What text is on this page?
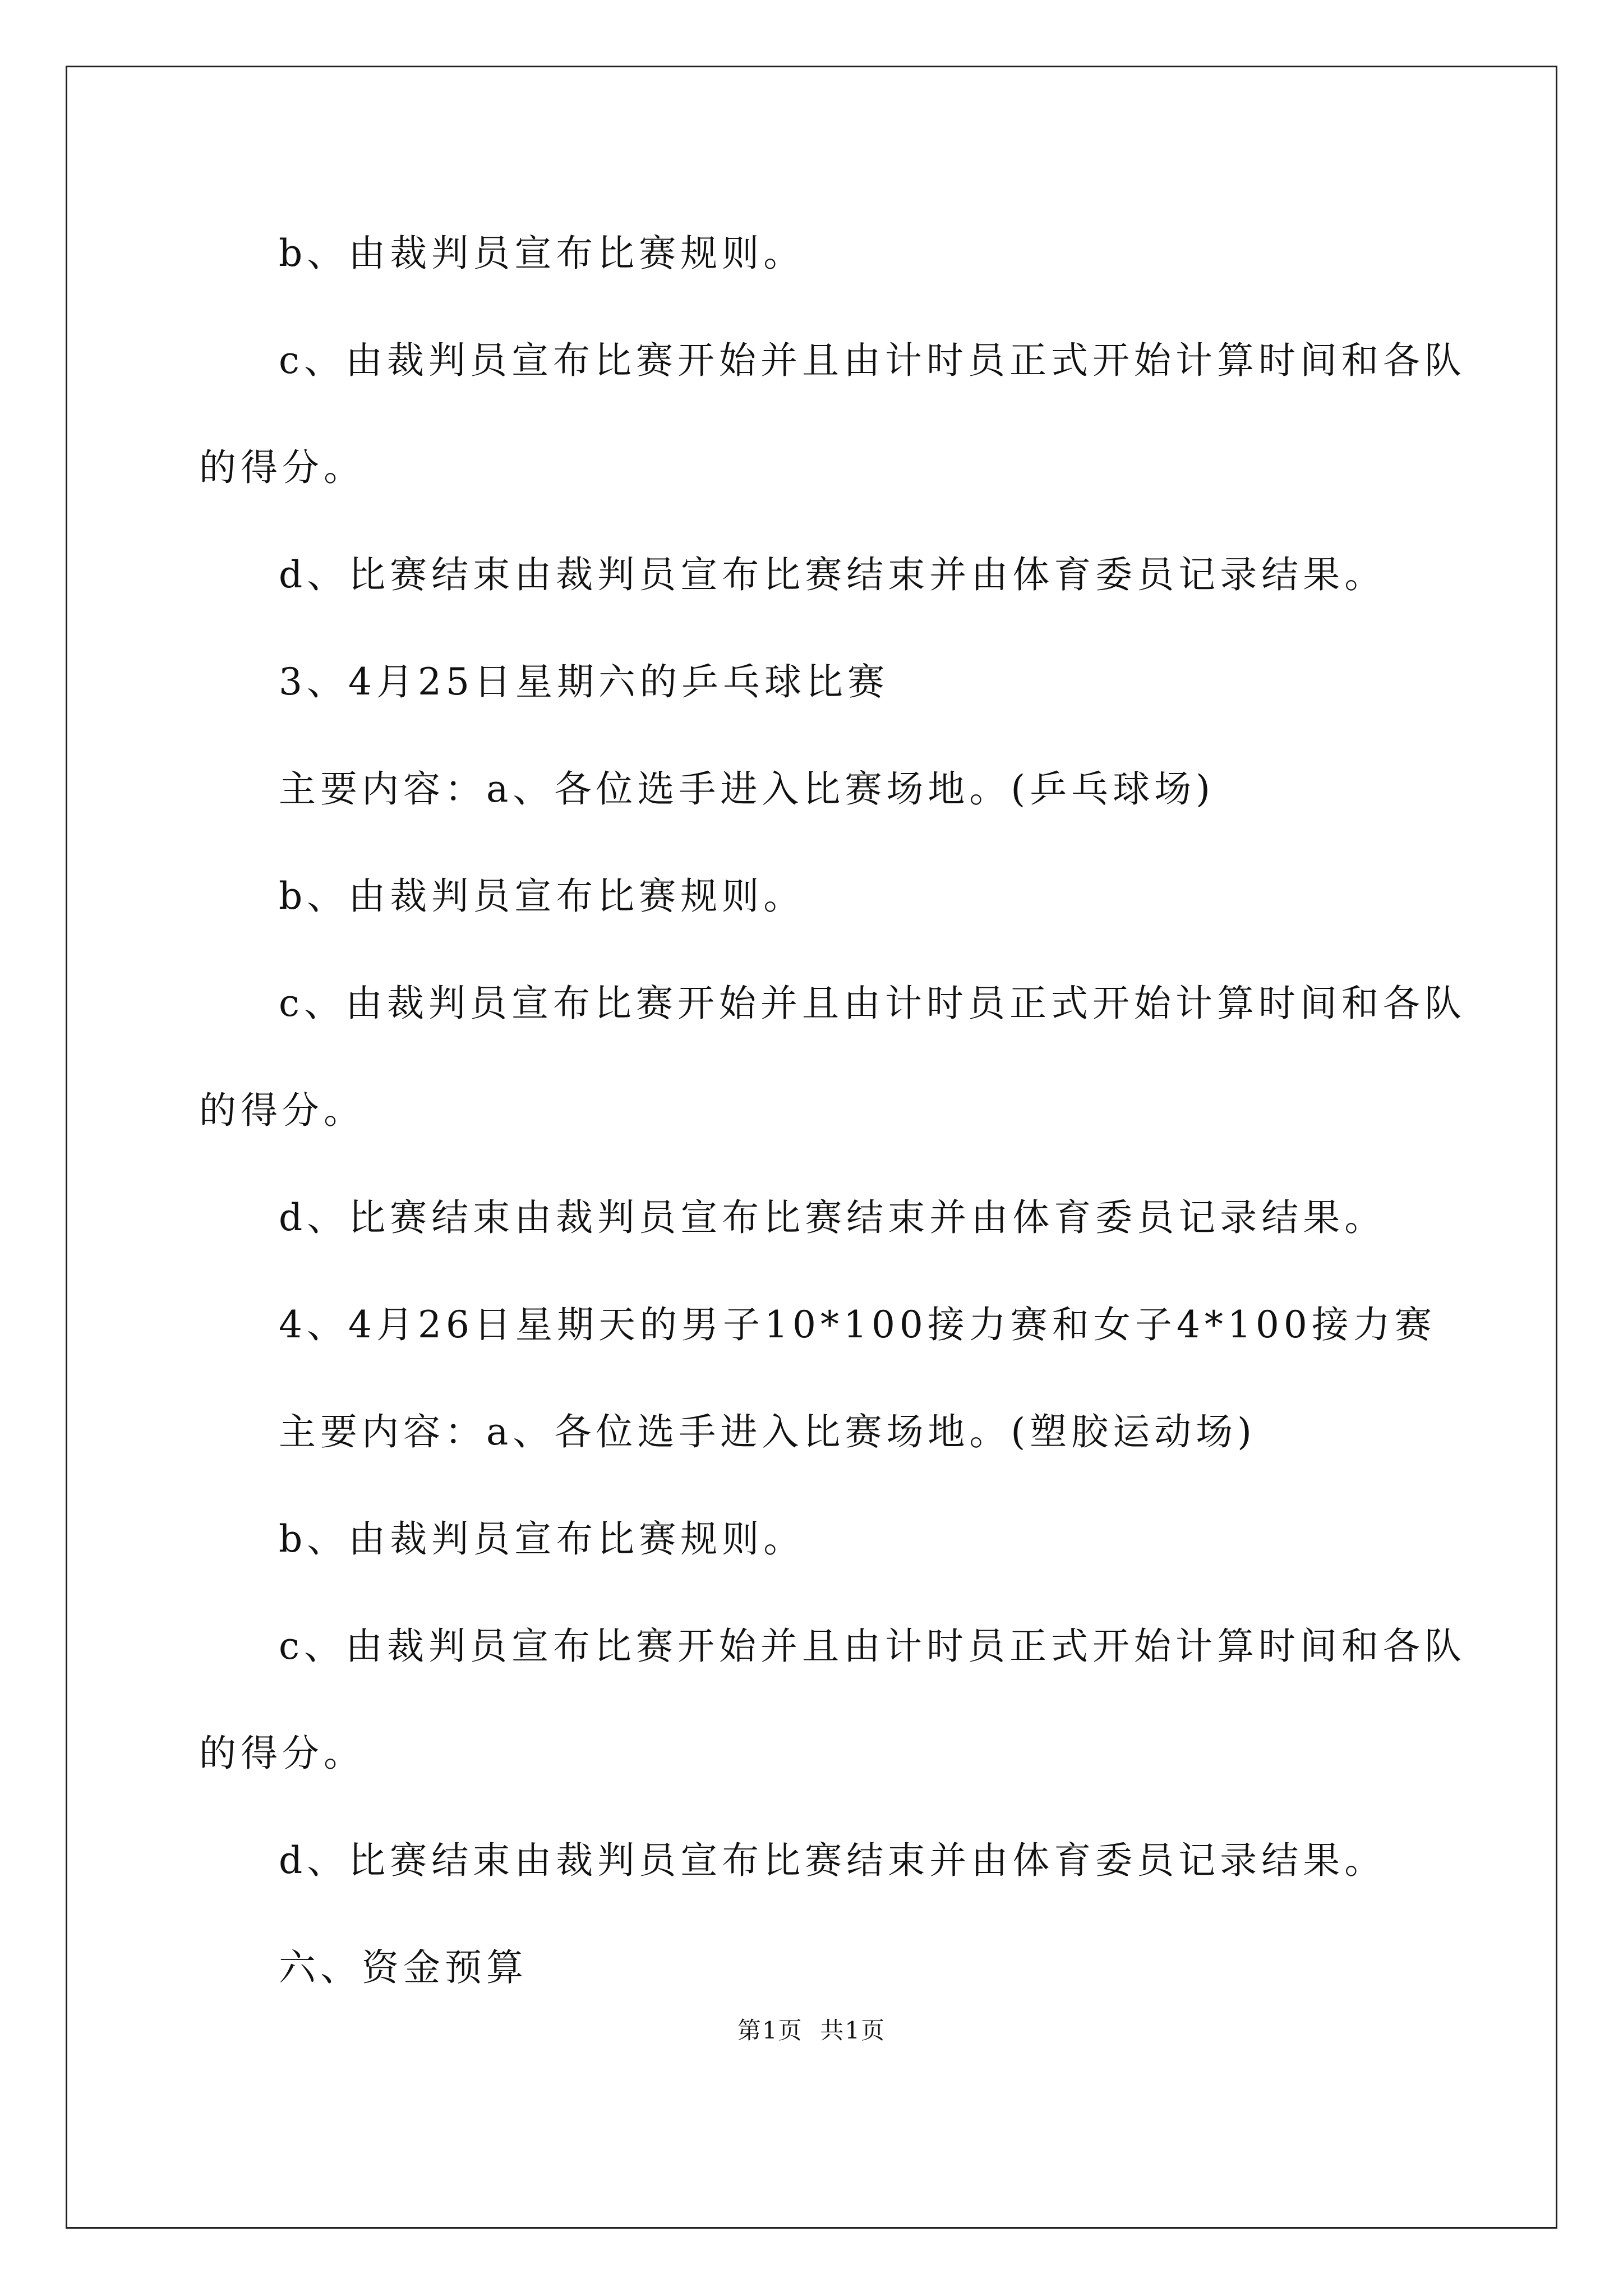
b、由裁判员宣布比赛规则。
c、由裁判员宣布比赛开始并且由计时员正式开始计算时间和各队
的得分。
d、比赛结束由裁判员宣布比赛结束并由体育委员记录结果。
3、4月25日星期六的乒乓球比赛
主要内容：a、各位选手进入比赛场地。(乒乓球场)
b、由裁判员宣布比赛规则。
c、由裁判员宣布比赛开始并且由计时员正式开始计算时间和各队
的得分。
d、比赛结束由裁判员宣布比赛结束并由体育委员记录结果。
4、4月26日星期天的男子10*100接力赛和女子4*100接力赛
主要内容：a、各位选手进入比赛场地。(塑胶运动场)
b、由裁判员宣布比赛规则。
c、由裁判员宣布比赛开始并且由计时员正式开始计算时间和各队
的得分。
d、比赛结束由裁判员宣布比赛结束并由体育委员记录结果。
六、资金预算
第1页  共1页
